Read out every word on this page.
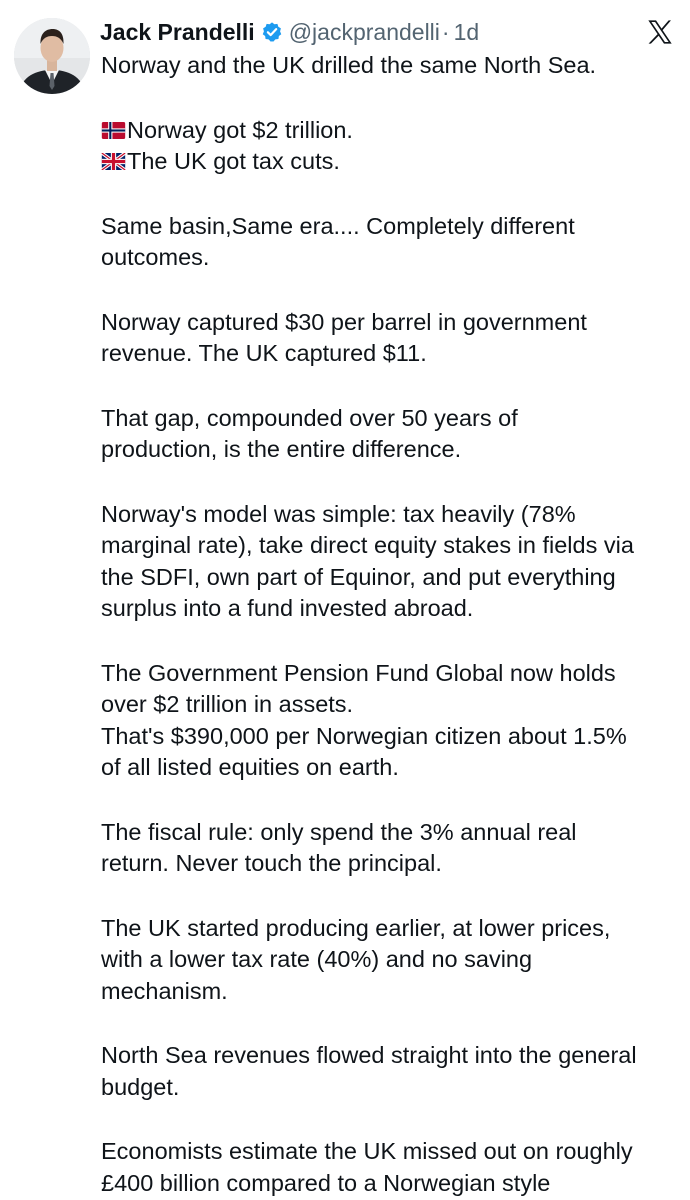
Jack Prandelli @jackprandelli · 1d
Norway and the UK drilled the same North Sea.
Norway got $2 trillion.
The UK got tax cuts.
Same basin,Same era.... Completely different
outcomes.
Norway captured $30 per barrel in government
revenue. The UK captured $11.
That gap, compounded over 50 years of
production, is the entire difference.
Norway's model was simple: tax heavily (78%
marginal rate), take direct equity stakes in fields via
the SDFI, own part of Equinor, and put everything
surplus into a fund invested abroad.
The Government Pension Fund Global now holds
over $2 trillion in assets.
That's $390,000 per Norwegian citizen about 1.5%
of all listed equities on earth.
The fiscal rule: only spend the 3% annual real
return. Never touch the principal.
The UK started producing earlier, at lower prices,
with a lower tax rate (40%) and no saving
mechanism.
North Sea revenues flowed straight into the general
budget.
Economists estimate the UK missed out on roughly
£400 billion compared to a Norwegian style
